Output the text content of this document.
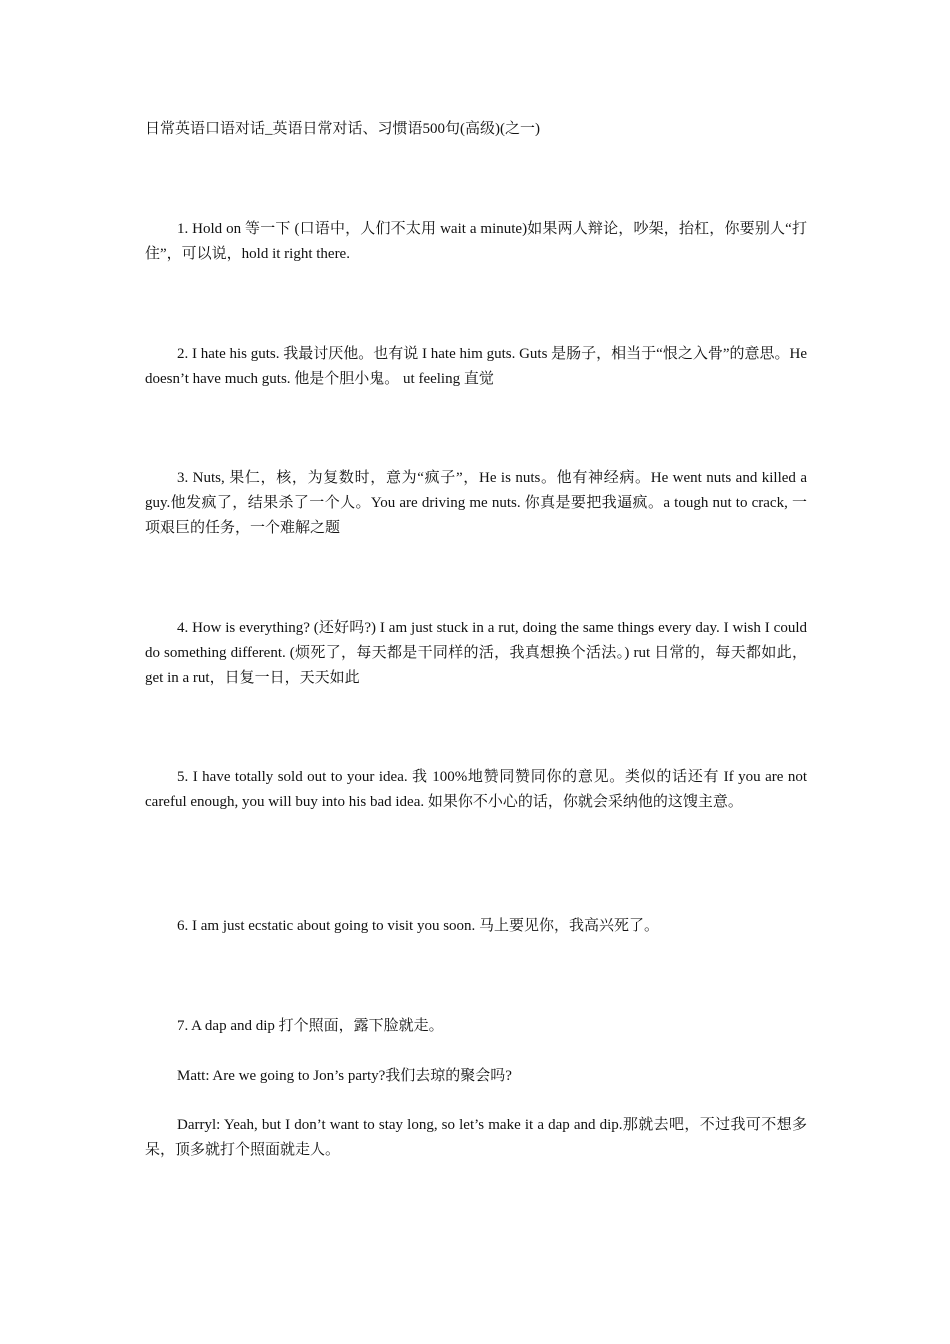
日常英语口语对话_英语日常对话、习惯语500句(高级)(之一)

1. Hold on 等一下 (口语中，人们不太用 wait a minute)如果两人辩论，吵架，抬杠，你要别人“打住”，可以说，hold it right there.

2. I hate his guts. 我最讨厌他。也有说 I hate him guts. Guts 是肠子，相当于“恨之入骨”的意思。He doesn’t have much guts. 他是个胆小鬼。 ut feeling 直觉

3. Nuts, 果仁，核，为复数时，意为“疯子”，He is nuts。他有神经病。He went nuts and killed a guy.他发疯了，结果杀了一个人。You are driving me nuts. 你真是要把我逼疯。a tough nut to crack, 一项艰巨的任务，一个难解之题

4. How is everything? (还好吗?) I am just stuck in a rut, doing the same things every day. I wish I could do something different. (烦死了，每天都是干同样的活，我真想换个活法。) rut 日常的，每天都如此，get in a rut，日复一日，天天如此

5. I have totally sold out to your idea. 我 100%地赞同赞同你的意见。类似的话还有 If you are not careful enough, you will buy into his bad idea. 如果你不小心的话，你就会采纳他的这馊主意。

6. I am just ecstatic about going to visit you soon. 马上要见你，我高兴死了。

7. A dap and dip 打个照面，露下脸就走。

Matt: Are we going to Jon’s party?我们去琼的聚会吗?

Darryl: Yeah, but I don’t want to stay long, so let’s make it a dap and dip.那就去吧，不过我可不想多呆，顶多就打个照面就走人。
